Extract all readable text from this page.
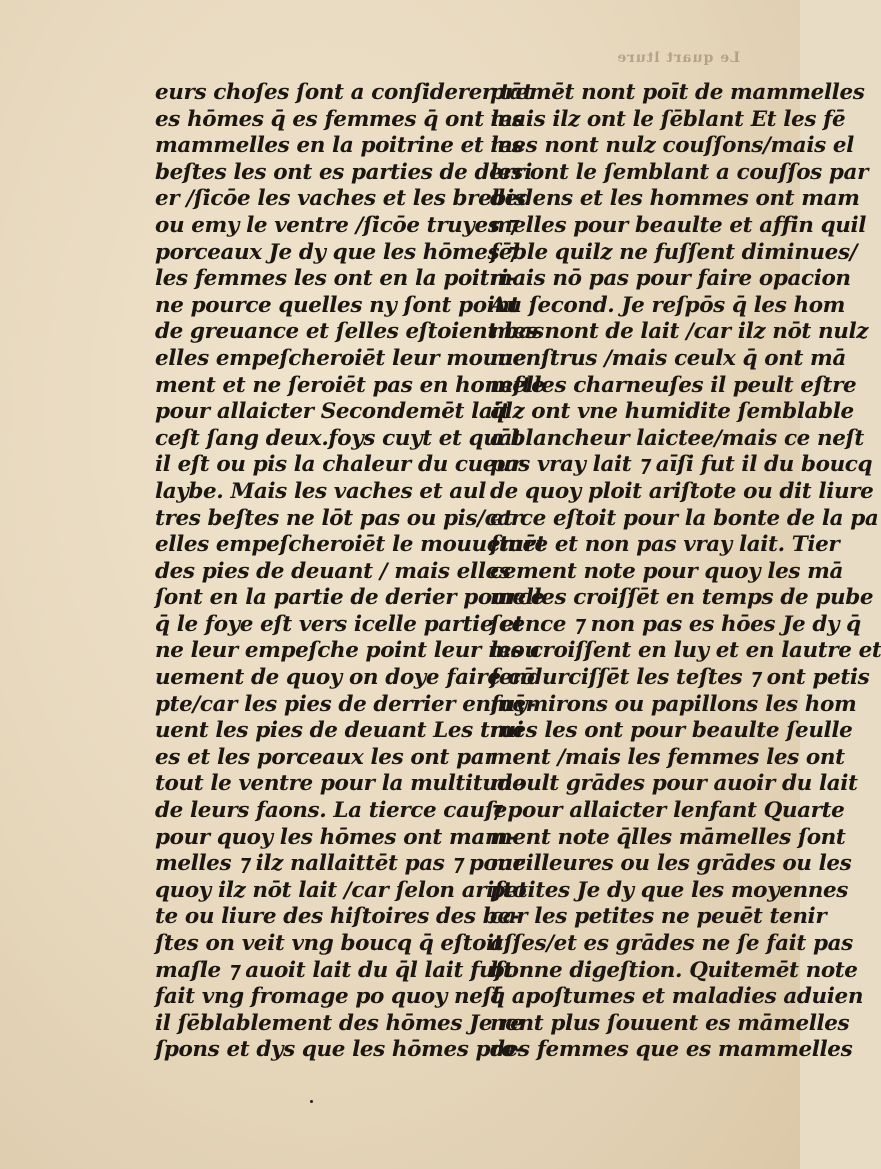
Le quart lture
eurs choſes ſont a conſiderer tāt
es hōmes q̄ es femmes q̄ ont les
mammelles en la poitrine et les
beſtes les ont es parties de derri
er /ſicōe les vaches et les brebis
ou emy le ventre /ſicōe truyes ⁊
porceaux Je dy que les hōmes ⁊
les femmes les ont en la poitri-
ne pource quelles ny ſont point
de greuance et ſelles eſtoient bas
elles empeſcheroiēt leur mouue
ment et ne ſeroiēt pas en honeſte
pour allaicter Secondemēt lait
ceſt ſang deux.foys cuyt et quāt
il eſt ou pis la chaleur du cueur
laybe. Mais les vaches et aul
tres beſtes ne lōt pas ou pis/car
elles empeſcheroiēt le mouuemēt
des pies de deuant / mais elles
ſont en la partie de derier pource
q̄ le foye eſt vers icelle partie et
ne leur empeſche point leur mou
uement de quoy on doye faire cō
pte/car les pies de derrier enſuy-
uent les pies de deuant Les trui
es et les porceaux les ont par
tout le ventre pour la multitude
de leurs faons. La tierce cauſe
pour quoy les hōmes ont mam-
melles ⁊ ilz nallaittēt pas ⁊ pour
quoy ilz nōt lait /car ſelon ariſto
te ou liure des hiſtoires des be-
ſtes on veit vng boucq q̄ eſtoit
maſle ⁊ auoit lait du q̄l lait fuſt
fait vng fromage po quoy neſt
il ſēblablement des hōmes Je re
ſpons et dys que les hōmes pro-
premēt nont poīt de mammelles
mais ilz ont le ſēblant Et les fē
mes nont nulz couſſons/mais el
les ont le ſemblant a couſſos par
dedens et les hommes ont mam
melles pour beaulte et affin quil
ſēble quilz ne fuſſent diminues/
mais nō pas pour faire opacion
Au ſecond. Je reſpōs q̄ les hom
mes nont de lait /car ilz nōt nulz
menſtrus /mais ceulx q̄ ont mā
melles charneuſes il peult eſtre
q̄lz ont vne humidite ſemblable
a blancheur laictee/mais ce neſt
pas vray lait ⁊ aīſi fut il du boucq
de quoy ploit ariſtote ou dit liure
et ce eſtoit pour la bonte de la pa
ſture et non pas vray lait. Tier
cement note pour quoy les mā
melles croiſſēt en temps de pube
ſcence ⁊ non pas es hōes Je dy q̄
les croiſſent en luy et en lautre et
ſendurciſſēt les teſtes ⁊ ont petis
mēmirons ou papillons les hom
mes les ont pour beaulte ſeulle
ment /mais les femmes les ont
moult grādes pour auoir du lait
⁊ pour allaicter lenfant Quarte
ment note q̄lles māmelles ſont
meilleures ou les grādes ou les
petites Je dy que les moyennes
car les petites ne peuēt tenir
aſſes/et es grādes ne ſe fait pas
bonne digeſtion. Quitemēt note
q̄ apoſtumes et maladies aduien
nent plus ſouuent es māmelles
des femmes que es mammelles
